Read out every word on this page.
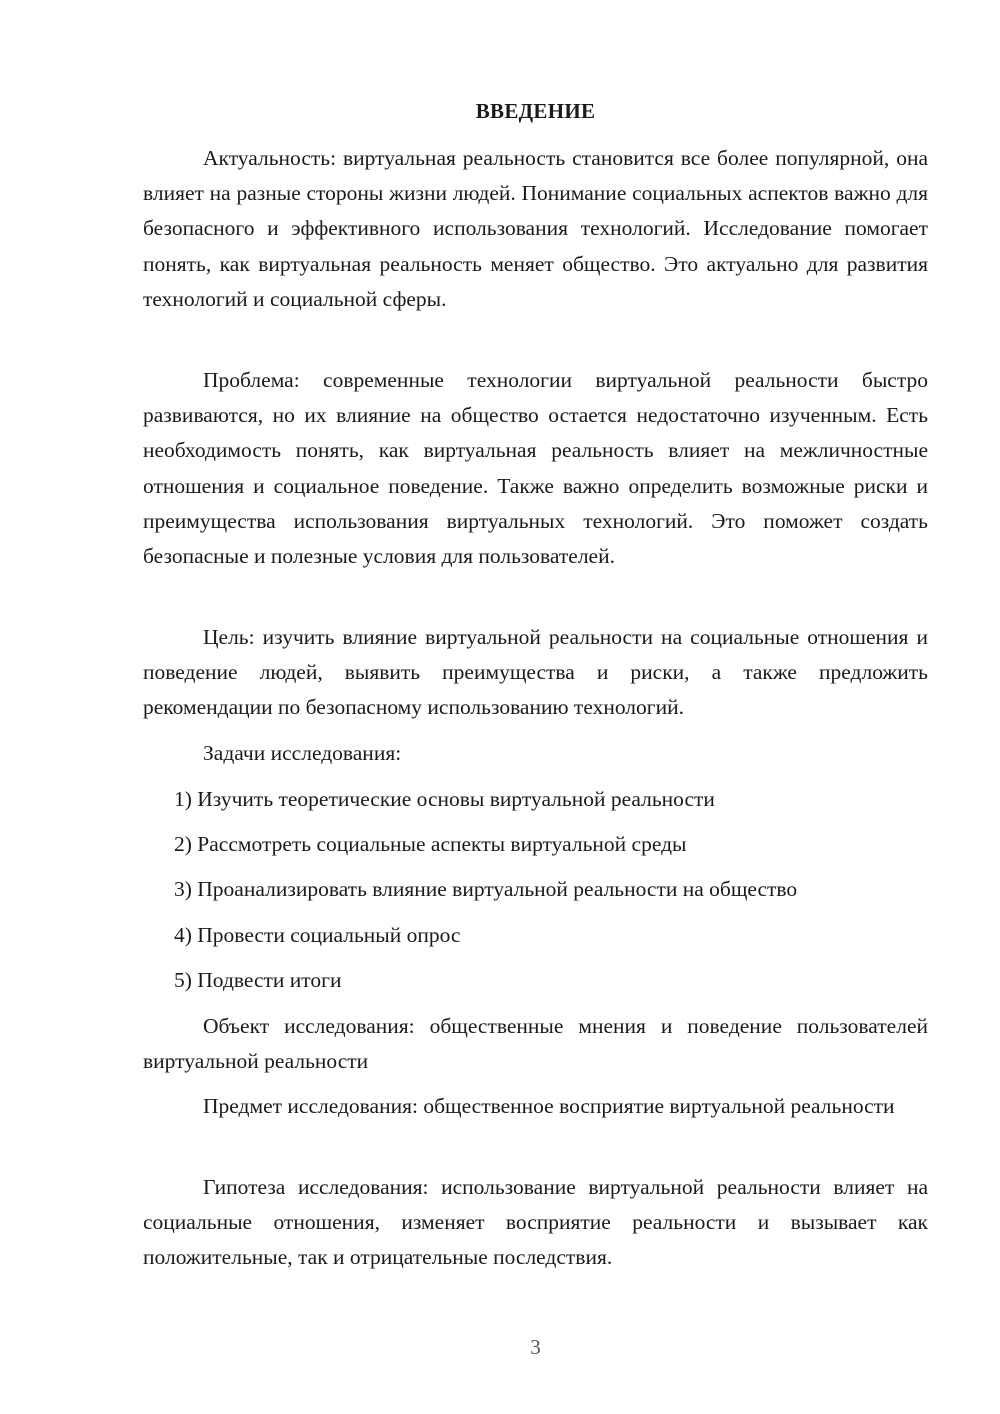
ВВЕДЕНИЕ

Актуальность: виртуальная реальность становится все более популярной, она влияет на разные стороны жизни людей. Понимание социальных аспектов важно для безопасного и эффективного использования технологий. Исследование помогает понять, как виртуальная реальность меняет общество. Это актуально для развития технологий и социальной сферы.

Проблема: современные технологии виртуальной реальности быстро развиваются, но их влияние на общество остается недостаточно изученным. Есть необходимость понять, как виртуальная реальность влияет на межличностные отношения и социальное поведение. Также важно определить возможные риски и преимущества использования виртуальных технологий. Это поможет создать безопасные и полезные условия для пользователей.

Цель: изучить влияние виртуальной реальности на социальные отношения и поведение людей, выявить преимущества и риски, а также предложить рекомендации по безопасному использованию технологий.

Задачи исследования:

1) Изучить теоретические основы виртуальной реальности

2) Рассмотреть социальные аспекты виртуальной среды

3) Проанализировать влияние виртуальной реальности на общество

4) Провести социальный опрос

5) Подвести итоги

Объект исследования: общественные мнения и поведение пользователей виртуальной реальности

Предмет исследования: общественное восприятие виртуальной реальности

Гипотеза исследования: использование виртуальной реальности влияет на социальные отношения, изменяет восприятие реальности и вызывает как положительные, так и отрицательные последствия.

3
